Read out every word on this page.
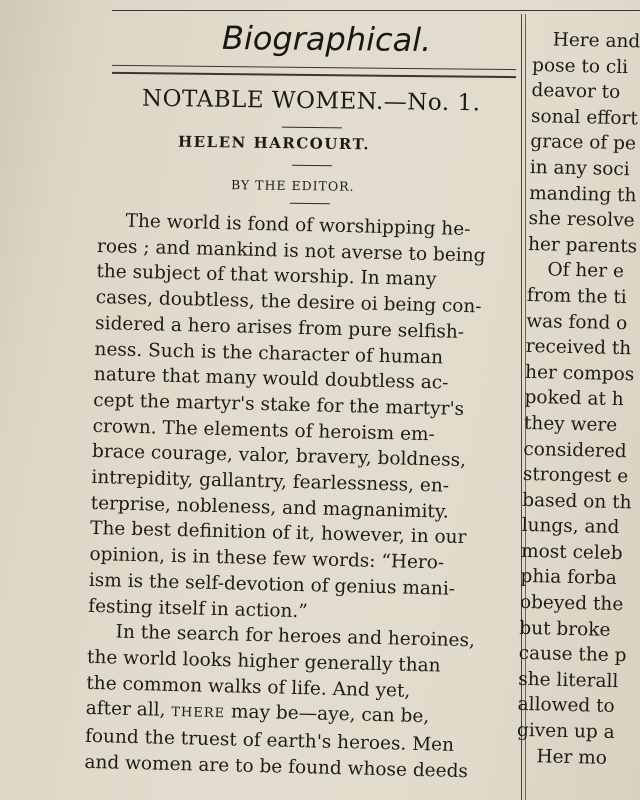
Biographical.
NOTABLE WOMEN.—No. 1.
HELEN HARCOURT.
BY THE EDITOR.
The world is fond of worshipping he-
roes ; and mankind is not averse to being
the subject of that worship. In many
cases, doubtless, the desire oi being con-
sidered a hero arises from pure selfish-
ness. Such is the character of human
nature that many would doubtless ac-
cept the martyr's stake for the martyr's
crown. The elements of heroism em-
brace courage, valor, bravery, boldness,
intrepidity, gallantry, fearlessness, en-
terprise, nobleness, and magnanimity.
The best definition of it, however, in our
opinion, is in these few words: “Hero-
ism is the self-devotion of genius mani-
festing itself in action.”
In the search for heroes and heroines,
the world looks higher generally than
the common walks of life. And yet,
after all, THERE may be—aye, can be,
found the truest of earth's heroes. Men
and women are to be found whose deeds
Here and
pose to cli
deavor to
sonal effort
grace of pe
in any soci
manding th
she resolve
her parents
Of her e
from the ti
was fond o
received th
her compos
poked at h
they were
considered
strongest e
based on th
lungs, and
most celeb
phia forba
obeyed the
but broke
cause the p
she literall
allowed to
given up a
Her mo
